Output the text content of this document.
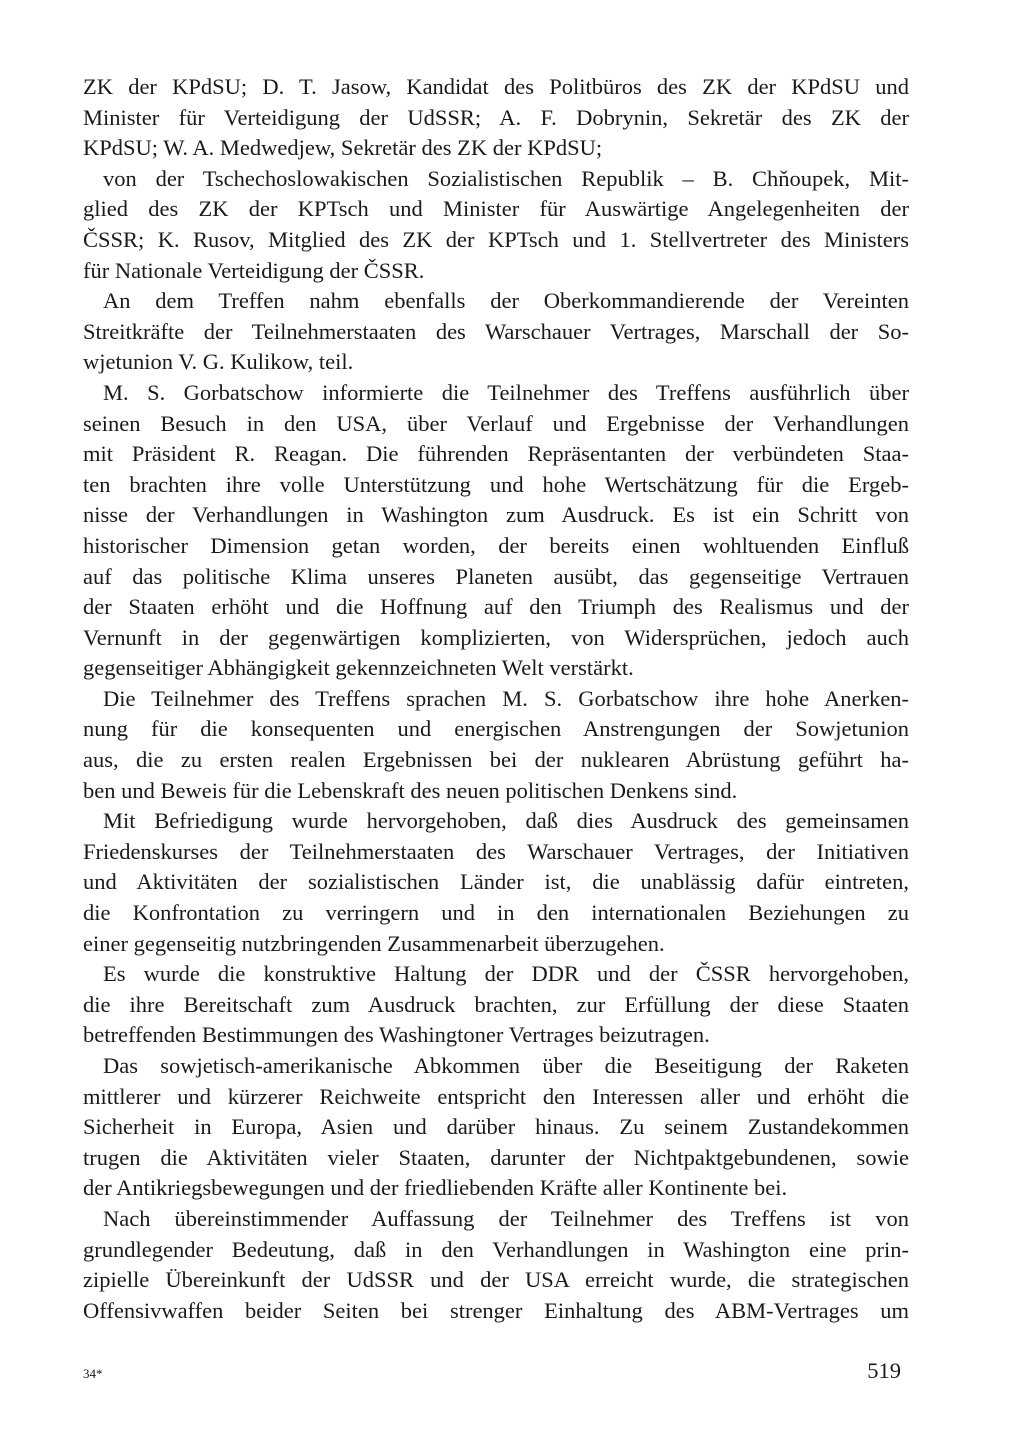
ZK der KPdSU; D. T. Jasow, Kandidat des Politbüros des ZK der KPdSU und
Minister für Verteidigung der UdSSR; A. F. Dobrynin, Sekretär des ZK der
KPdSU; W. A. Medwedjew, Sekretär des ZK der KPdSU;
von der Tschechoslowakischen Sozialistischen Republik – B. Chňoupek, Mit-
glied des ZK der KPTsch und Minister für Auswärtige Angelegenheiten der
ČSSR; K. Rusov, Mitglied des ZK der KPTsch und 1. Stellvertreter des Ministers
für Nationale Verteidigung der ČSSR.
An dem Treffen nahm ebenfalls der Oberkommandierende der Vereinten
Streitkräfte der Teilnehmerstaaten des Warschauer Vertrages, Marschall der So-
wjetunion V. G. Kulikow, teil.
M. S. Gorbatschow informierte die Teilnehmer des Treffens ausführlich über
seinen Besuch in den USA, über Verlauf und Ergebnisse der Verhandlungen
mit Präsident R. Reagan. Die führenden Repräsentanten der verbündeten Staa-
ten brachten ihre volle Unterstützung und hohe Wertschätzung für die Ergeb-
nisse der Verhandlungen in Washington zum Ausdruck. Es ist ein Schritt von
historischer Dimension getan worden, der bereits einen wohltuenden Einfluß
auf das politische Klima unseres Planeten ausübt, das gegenseitige Vertrauen
der Staaten erhöht und die Hoffnung auf den Triumph des Realismus und der
Vernunft in der gegenwärtigen komplizierten, von Widersprüchen, jedoch auch
gegenseitiger Abhängigkeit gekennzeichneten Welt verstärkt.
Die Teilnehmer des Treffens sprachen M. S. Gorbatschow ihre hohe Anerken-
nung für die konsequenten und energischen Anstrengungen der Sowjetunion
aus, die zu ersten realen Ergebnissen bei der nuklearen Abrüstung geführt ha-
ben und Beweis für die Lebenskraft des neuen politischen Denkens sind.
Mit Befriedigung wurde hervorgehoben, daß dies Ausdruck des gemeinsamen
Friedenskurses der Teilnehmerstaaten des Warschauer Vertrages, der Initiativen
und Aktivitäten der sozialistischen Länder ist, die unablässig dafür eintreten,
die Konfrontation zu verringern und in den internationalen Beziehungen zu
einer gegenseitig nutzbringenden Zusammenarbeit überzugehen.
Es wurde die konstruktive Haltung der DDR und der ČSSR hervorgehoben,
die ihre Bereitschaft zum Ausdruck brachten, zur Erfüllung der diese Staaten
betreffenden Bestimmungen des Washingtoner Vertrages beizutragen.
Das sowjetisch-amerikanische Abkommen über die Beseitigung der Raketen
mittlerer und kürzerer Reichweite entspricht den Interessen aller und erhöht die
Sicherheit in Europa, Asien und darüber hinaus. Zu seinem Zustandekommen
trugen die Aktivitäten vieler Staaten, darunter der Nichtpaktgebundenen, sowie
der Antikriegsbewegungen und der friedliebenden Kräfte aller Kontinente bei.
Nach übereinstimmender Auffassung der Teilnehmer des Treffens ist von
grundlegender Bedeutung, daß in den Verhandlungen in Washington eine prin-
zipielle Übereinkunft der UdSSR und der USA erreicht wurde, die strategischen
Offensivwaffen beider Seiten bei strenger Einhaltung des ABM-Vertrages um
34*	519
